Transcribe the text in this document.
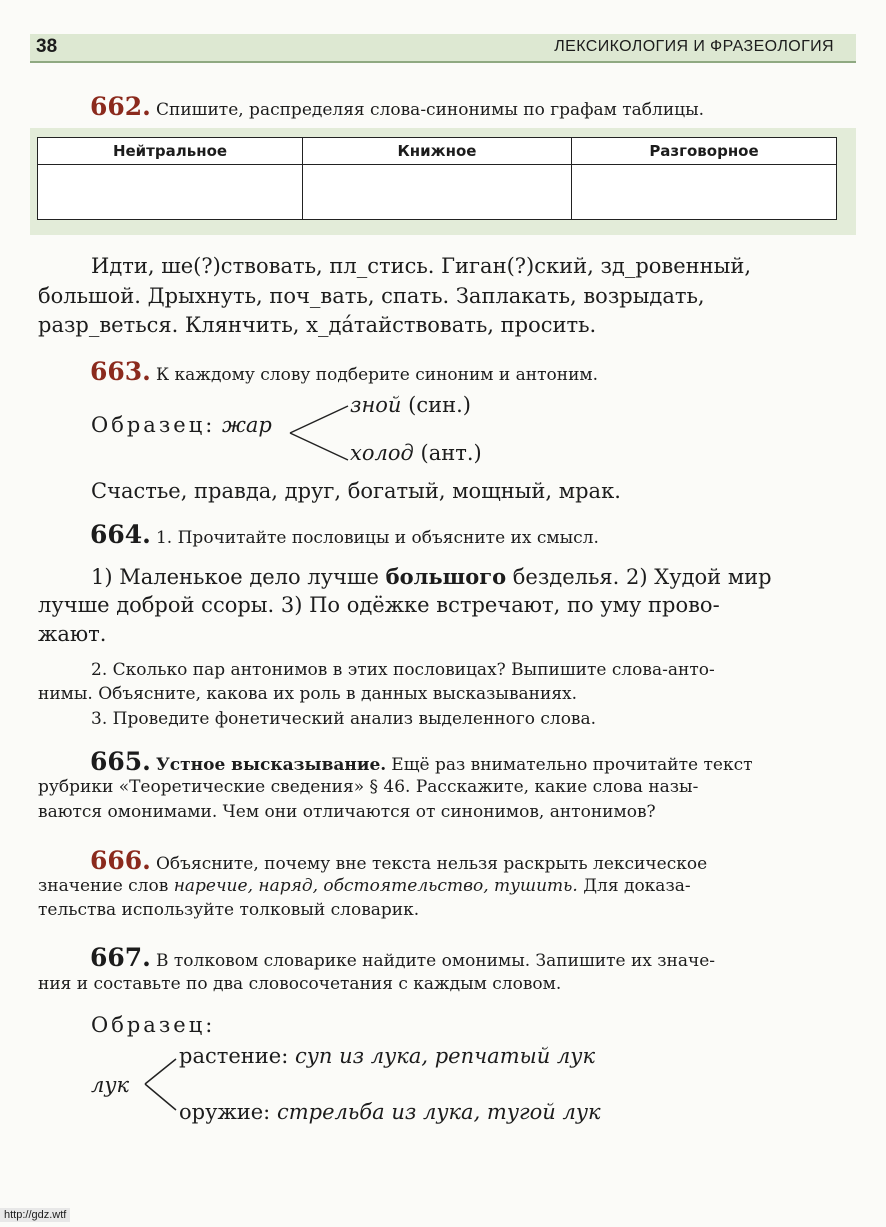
38	ЛЕКСИКОЛОГИЯ И ФРАЗЕОЛОГИЯ
662. Спишите, распределяя слова-синонимы по графам таблицы.
Нейтральное	Книжное	Разговорное

Идти, ше(?)ствовать, пл_стись. Гиган(?)ский, зд_ровенный,
большой. Дрыхнуть, поч_вать, спать. Заплакать, возрыдать,
разр_веться. Клянчить, х_да́тайствовать, просить.
663. К каждому слову подберите синоним и антоним.
Образец: жар
зной (син.)
холод (ант.)
Счастье, правда, друг, богатый, мощный, мрак.
664. 1. Прочитайте пословицы и объясните их смысл.
1) Маленькое дело лучше большого безделья. 2) Худой мир
лучше доброй ссоры. 3) По одёжке встречают, по уму прово-
жают.
2. Сколько пар антонимов в этих пословицах? Выпишите слова-анто-
нимы. Объясните, какова их роль в данных высказываниях.
3. Проведите фонетический анализ выделенного слова.
665. Устное высказывание. Ещё раз внимательно прочитайте текст
рубрики «Теоретические сведения» § 46. Расскажите, какие слова назы-
ваются омонимами. Чем они отличаются от синонимов, антонимов?
666. Объясните, почему вне текста нельзя раскрыть лексическое
значение слов наречие, наряд, обстоятельство, тушить. Для доказа-
тельства используйте толковый словарик.
667. В толковом словарике найдите омонимы. Запишите их значе-
ния и составьте по два словосочетания с каждым словом.
Образец:
лук
растение: суп из лука, репчатый лук
оружие: стрельба из лука, тугой лук
http://gdz.wtf
